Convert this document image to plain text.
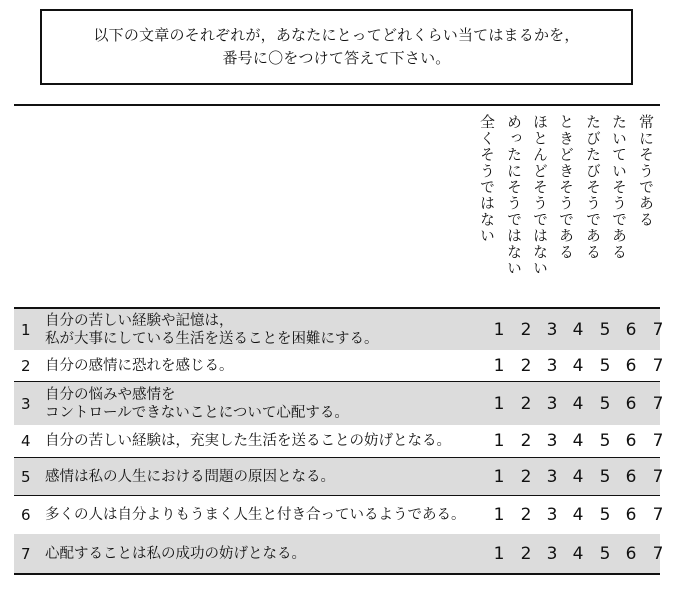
以下の文章のそれぞれが，あなたにとってどれくらい当てはまるかを，
番号に〇をつけて答えて下さい。
全くそうではない めったにそうではない ほとんどそうではない ときどきそうである たびたびそうである たいていそうである 常にそうである
1 自分の苦しい経験や記憶は，
私が大事にしている生活を送ることを困難にする。	1 2 3 4 5 6 7
2 自分の感情に恐れを感じる。	1 2 3 4 5 6 7
3 自分の悩みや感情を
コントロールできないことについて心配する。	1 2 3 4 5 6 7
4 自分の苦しい経験は，充実した生活を送ることの妨げとなる。	1 2 3 4 5 6 7
5 感情は私の人生における問題の原因となる。	1 2 3 4 5 6 7
6 多くの人は自分よりもうまく人生と付き合っているようである。	1 2 3 4 5 6 7
7 心配することは私の成功の妨げとなる。	1 2 3 4 5 6 7
